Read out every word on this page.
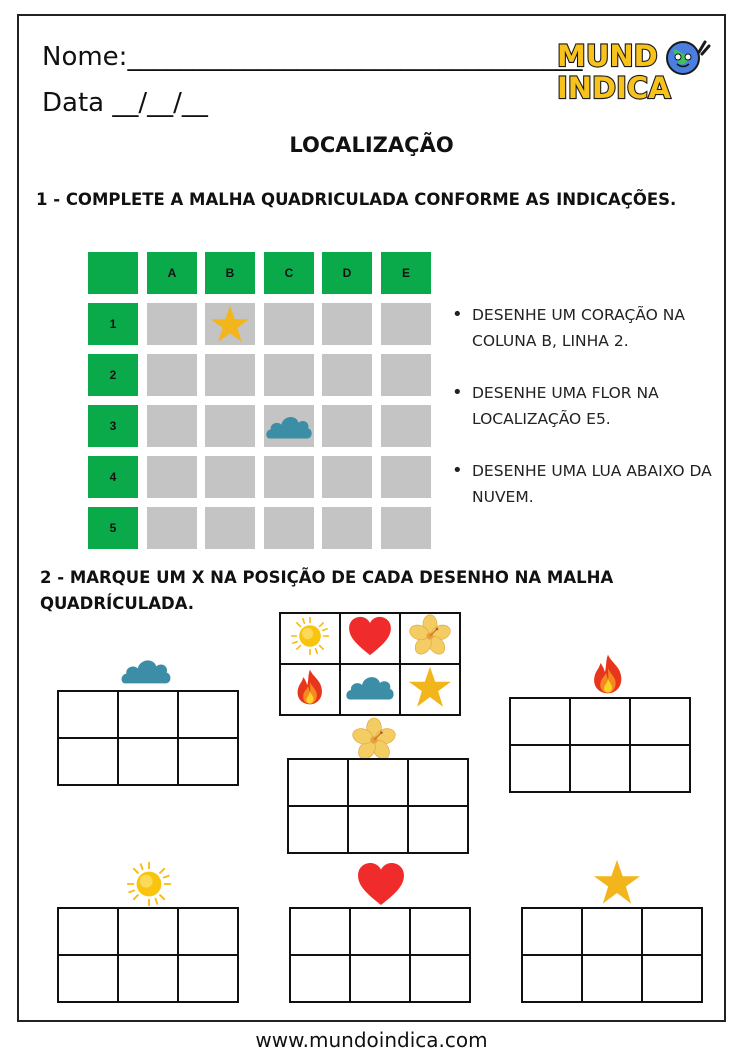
Nome:___________________________________
Data __/__/__
MUND
INDICA
LOCALIZAÇÃO
1 - COMPLETE A MALHA QUADRICULADA CONFORME AS INDICAÇÕES.
A	B	C	D	E
1
2
3
4
5
• DESENHE UM CORAÇÃO NA COLUNA B, LINHA 2.
• DESENHE UMA FLOR NA LOCALIZAÇÃO E5.
• DESENHE UMA LUA ABAIXO DA NUVEM.
2 - MARQUE UM X NA POSIÇÃO DE CADA DESENHO NA MALHA QUADRÍCULADA.

www.mundoindica.com
